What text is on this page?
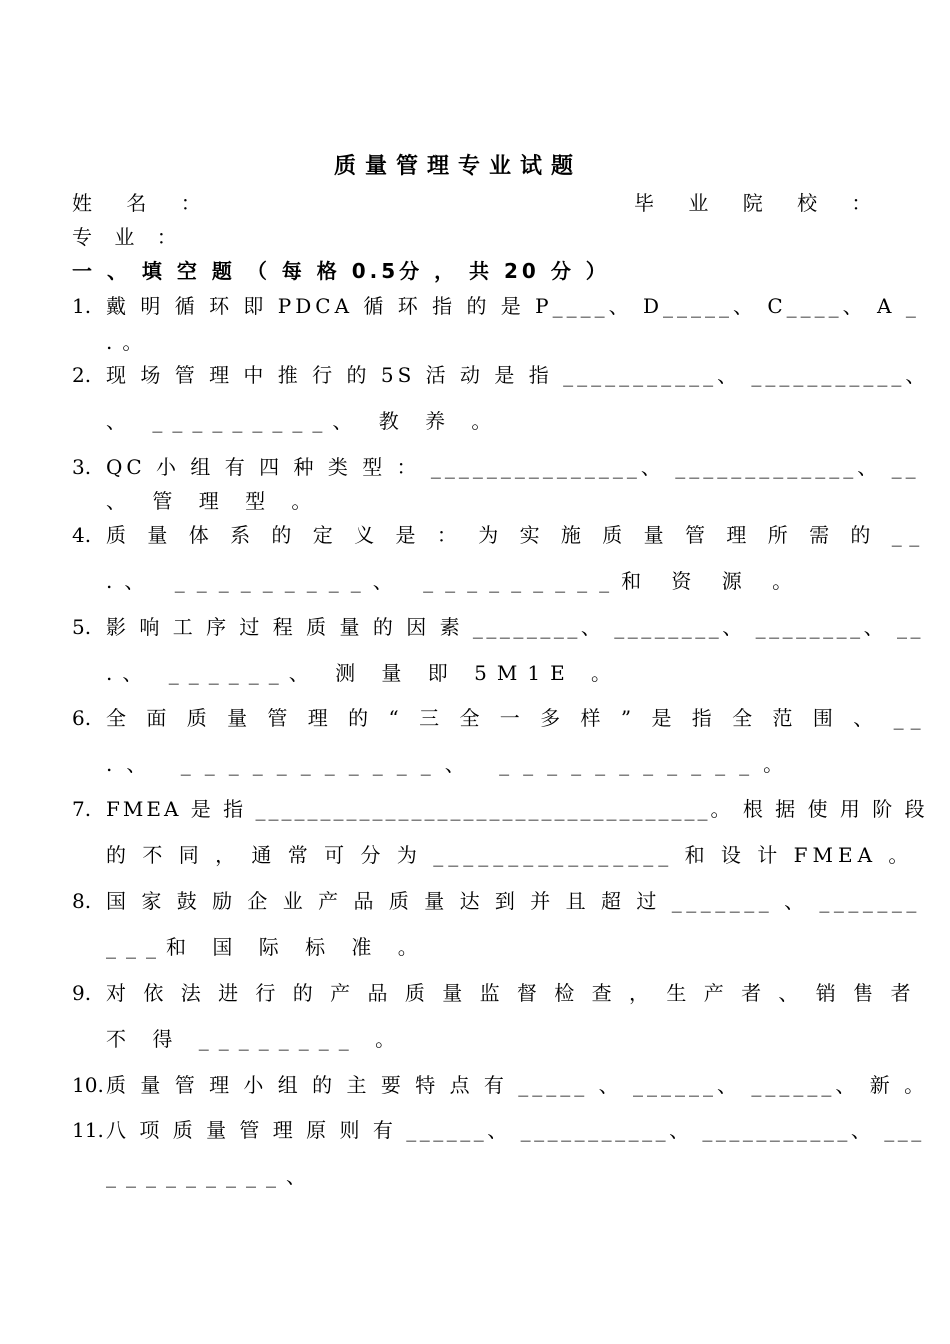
质量管理专业试题
姓 名 ：	毕 业 院 校 ：
专 业 ：
一 、 填 空 题 （ 每 格 0.5分 ， 共 20 分 ）
1. 戴 明 循 环 即 PDCA 循 环 指 的 是 P____、 D_____、 C____、 A _
.。
2. 现 场 管 理 中 推 行 的 5S 活 动 是 指 ___________、 ___________、
、 _________、 教 养 。
3. QC 小 组 有 四 种 类 型 ： _______________、 _____________、 __
、 管 理 型 。
4. 质 量 体 系 的 定 义 是 ： 为 实 施 质 量 管 理 所 需 的 __
.、 _________、 _________和 资 源 。
5. 影 响 工 序 过 程 质 量 的 因 素 ________、 ________、 ________、 __
.、 ______、 测 量 即 5M1E 。
6. 全 面 质 量 管 理 的 “ 三 全 一 多 样 ” 是 指 全 范 围 、 __
.、 ___________、 ___________。
7. FMEA 是 指 ___________________________________。 根 据 使 用 阶 段
的 不 同 ， 通 常 可 分 为 ________________ 和 设 计 FMEA 。
8. 国 家 鼓 励 企 业 产 品 质 量 达 到 并 且 超 过 _______ 、 _______
___和 国 际 标 准 。
9. 对 依 法 进 行 的 产 品 质 量 监 督 检 查 ， 生 产 者 、 销 售 者
不 得 ________ 。
10. 质 量 管 理 小 组 的 主 要 特 点 有 _____ 、 ______、 ______、 新 。
11. 八 项 质 量 管 理 原 则 有 ______、 ___________、 ___________、 ___
_________、
